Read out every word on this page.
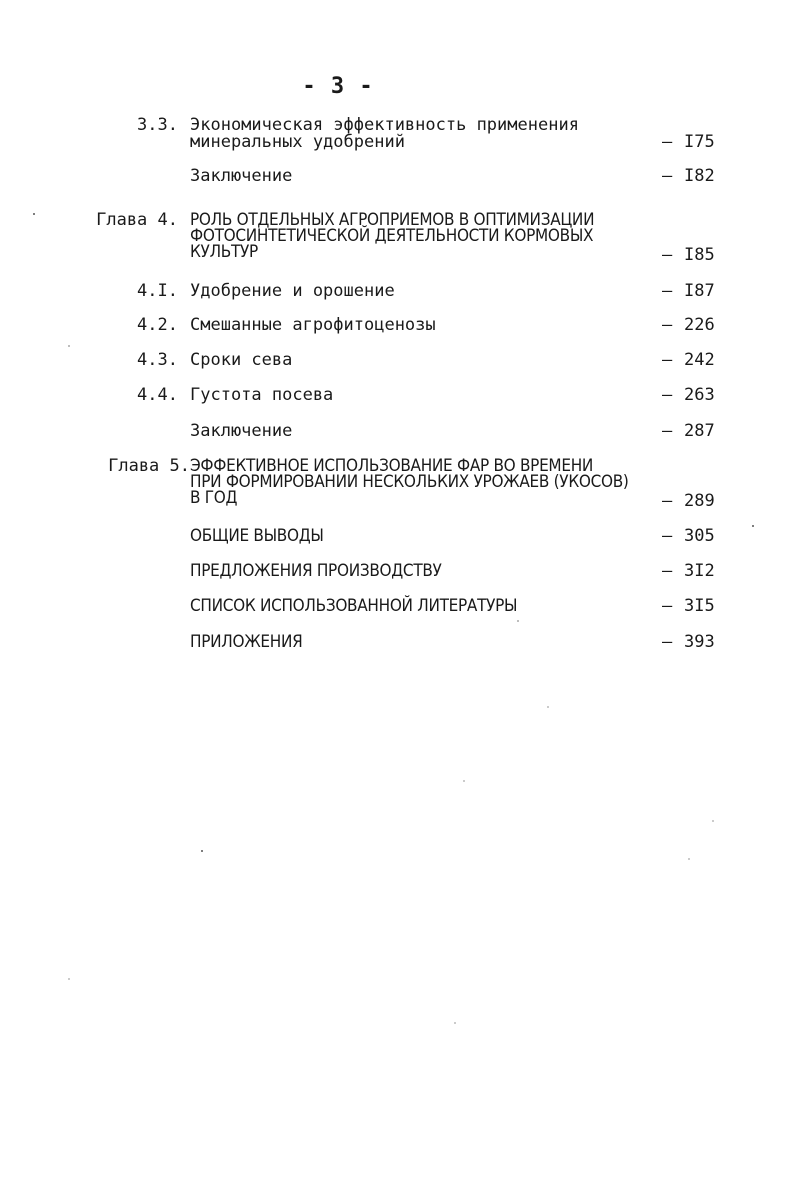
- 3 -
3.3. Экономическая эффективность применения
минеральных удобрений	– I75
Заключение	– I82
Глава 4. РОЛЬ ОТДЕЛЬНЫХ АГРОПРИЕМОВ В ОПТИМИЗАЦИИ
ФОТОСИНТЕТИЧЕСКОЙ ДЕЯТЕЛЬНОСТИ КОРМОВЫХ
КУЛЬТУР	– I85
4.I. Удобрение и орошение	– I87
4.2. Смешанные агрофитоценозы	– 226
4.3. Сроки сева	– 242
4.4. Густота посева	– 263
Заключение	– 287
Глава 5. ЭФФЕКТИВНОЕ ИСПОЛЬЗОВАНИЕ ФАР ВО ВРЕМЕНИ
ПРИ ФОРМИРОВАНИИ НЕСКОЛЬКИХ УРОЖАЕВ (УКОСОВ)
В ГОД	– 289
ОБЩИЕ ВЫВОДЫ	– 305
ПРЕДЛОЖЕНИЯ ПРОИЗВОДСТВУ	– 3I2
СПИСОК ИСПОЛЬЗОВАННОЙ ЛИТЕРАТУРЫ	– 3I5
ПРИЛОЖЕНИЯ	– 393
